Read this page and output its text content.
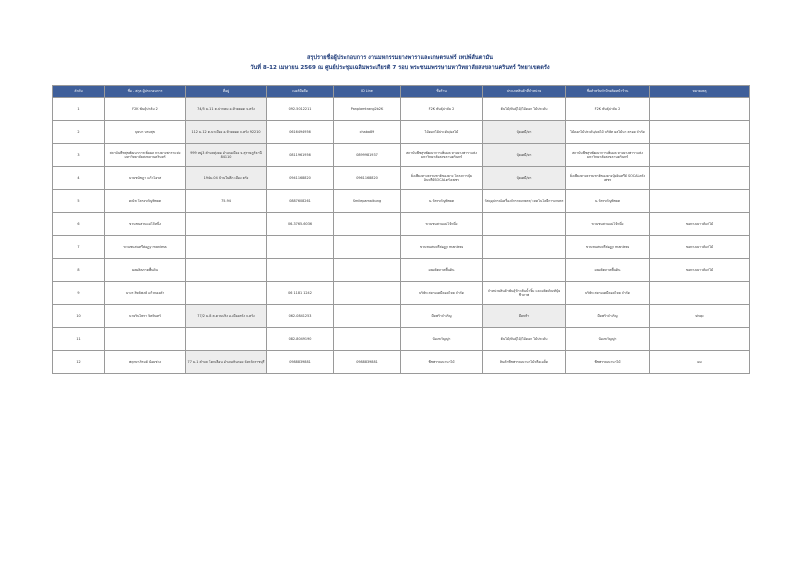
สรุปรายชื่อผู้ประกอบการ งานมหกรรมยางพาราและเกษตรแฟร์ เทปพ์ส์นตามัน
วันที่ 8-12 เมษายน 2569 ณ ศูนย์ประชุมเฉลิมพระเกียรติ 7 รอบ พระชนมพรรษามหาวิทยาลัยสงขลานครินทร์ วิทยาเขตตรัง
ลำดับ	ชื่อ - สกุล ผู้ประกอบการ	ที่อยู่	เบอร์มือถือ	ID Line	ชื่อร้าน	ประเภทสินค้าที่จำหน่าย	ชื่อสำหรับทำป้ายติดหน้าร้าน	หมายเหตุ
1	F2K พันธุ์ปาล์ม 2	74/5 ม.11 ต.ปากคม อ.ห้วยยอด จ.ตรัง	092-5012211	Panplamtrang2b2K	F2K พันธุ์ปาล์ม 2	ต้นไม้/พันธุ์ไม้/ไม้ดอก ไม้ประดับ	F2K พันธุ์ปาล์ม 2	
2	บุษบา บรมสุข	112 ม.12 ต.นาเมือง อ.ห้วยยอด จ.ตรัง 92210	0616494956	chaba89	ไม้ดอกไม้ประดับ/ผลไม้	ปุ๋ยเคมี/ยา	ไม้ดอกไม้ประดับ/ผลไม้ บริษัท ผลไม้นา ตรอย จำกัด	
3	สถาบันพืชสุขพัฒนาการเพิ่มผล ทางยางพาราแห่ง มหาวิทยาลัยสงขลานครินทร์	999 หมู่3 ตำบลทุ่งยอ อำเภอเมือง จ.สุราษฎร์ธานี 84110	0811961956	0899981937	สถาบันพืชสุขพัฒนาการเพิ่มผล ทางยางพาราแห่ง มหาวิทยาลัยสงขลานครินทร์	ปุ๋ยเคมี/ยา	สถาบันพืชสุขพัฒนาการเพิ่มผล ทางยางพาราแห่ง มหาวิทยาลัยสงขลานครินทร์	
4	นายชนัชฎา แก้วโอรส	194ม.04 บ้านในตึก เมือง ตรัง	0941168820	0961168820	ยิ่งเพียงทางธรรมชาติของยาง โครงการปุ๋ยอินทรีย์SOCALตรังเพชร	ปุ๋ยเคมี/ยา	ยิ่งเพียงทางธรรมชาติของยางปุ๋ยอินทรีย์ SOCALตรังเพชร	
5	คณัช โตรงขวัญพิชยต	75-94	0887608261	Smilepamaikung	น.วัตรขวัญพิชยต	วัสดุอุปกรณ์เครื่องจักรกลเกษตร/ เทคโนโลยีการเกษตร	น.วัตรขวัญพิชยต	
6	ขวนชนสวนแม่โจ้หนึ่ง		06-3765-6036		ขวนชนสวนแม่โจ้หนึ่ง		ขวนชนสวนแม่โจ้หนึ่ง	ขอทางเยาวส์แก่ไม้
7	ขวนชนสนทรีต่อฏy manless				ขวนชนสนทรีต่อฏy manless		ขวนชนสนทรีต่อฏy manless	ขอทางเยาวส์แก่ไม้
8	ผลผลิตภาคพื้นดิน				ผลผลิตภาคพื้นดิน		ผลผลิตภาคพื้นดิน	ขอทางเยาวส์แก่ไม้
9	นางร สิทธิพงษ์ แก้วทองคำ		06 1181 1242		บริษัท สยามเคมีคอลไทย จำกัด	จำหน่ายสินค้าพันธุ์ข้าวต้นน้ำจิ้ม และผลิตภัณฑ์ปุ๋ยชีวภาพ	บริษัท สยามเคมีคอลไทย จำกัด	
10	นายรินไพรา จิตทินทร์	77/2 ม.8 ต.ควนปริง อ.เมืองตรัง จ.ตรัง	062-0841253		มีดพร้าจำเริญ	มีดพร้า	มีดพร้าจำเริญ	shop
11			082-8049190		น้องขวัญญ่า	ต้นไม้/พันธุ์ไม้/ไม้ดอก ไม้ประดับ	น้องขวัญญ่า	
12	พฤกษาภิรมย์ น้อยช่วง	77 ม.1 ตำบล โคกเลือน อำเภอหินกอง จังหวัดราชบุรี	0988839881	0988839881	พืชพรรณนานาไม้	สินค้าพืชพรรณนานาไม้หรือเมล็ด	พืชพรรณนานาไม้	ผม
